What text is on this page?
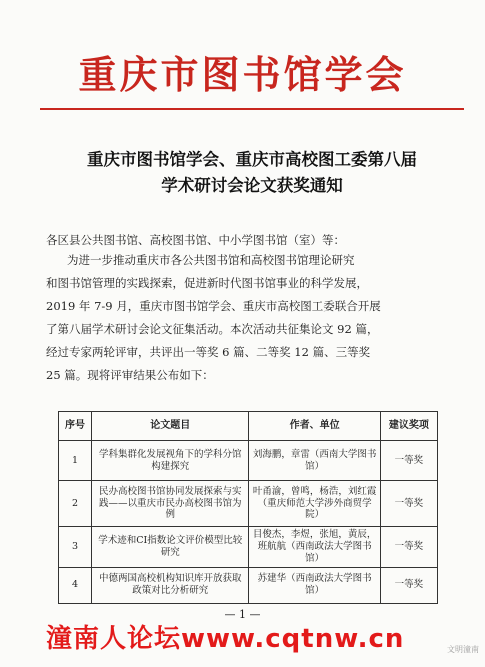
重庆市图书馆学会
重庆市图书馆学会、重庆市高校图工委第八届
学术研讨会论文获奖通知
各区县公共图书馆、高校图书馆、中小学图书馆（室）等：
为进一步推动重庆市各公共图书馆和高校图书馆理论研究
和图书馆管理的实践探索，促进新时代图书馆事业的科学发展，
2019 年 7-9 月，重庆市图书馆学会、重庆市高校图工委联合开展
了第八届学术研讨会论文征集活动。本次活动共征集论文 92 篇，
经过专家两轮评审，共评出一等奖 6 篇、二等奖 12 篇、三等奖
25 篇。现将评审结果公布如下：
序号	论文题目	作者、单位	建议奖项
1	学科集群化发展视角下的学科分馆构建探究	刘海鹏，章雷（西南大学图书馆）	一等奖
2	民办高校图书馆协同发展探索与实践——以重庆市民办高校图书馆为例	叶甬渝，曾鸣，杨浩，刘红霞（重庆师范大学涉外商贸学院）	一等奖
3	学术迹和CI指数论文评价模型比较研究	目俊杰，李煜，张旭，黄辰，班航航（西南政法大学图书馆）	一等奖
4	中德两国高校机构知识库开放获取政策对比分析研究	苏建华（西南政法大学图书馆）	一等奖
— 1 —
潼南人论坛www.cqtnw.cn	文明潼南
